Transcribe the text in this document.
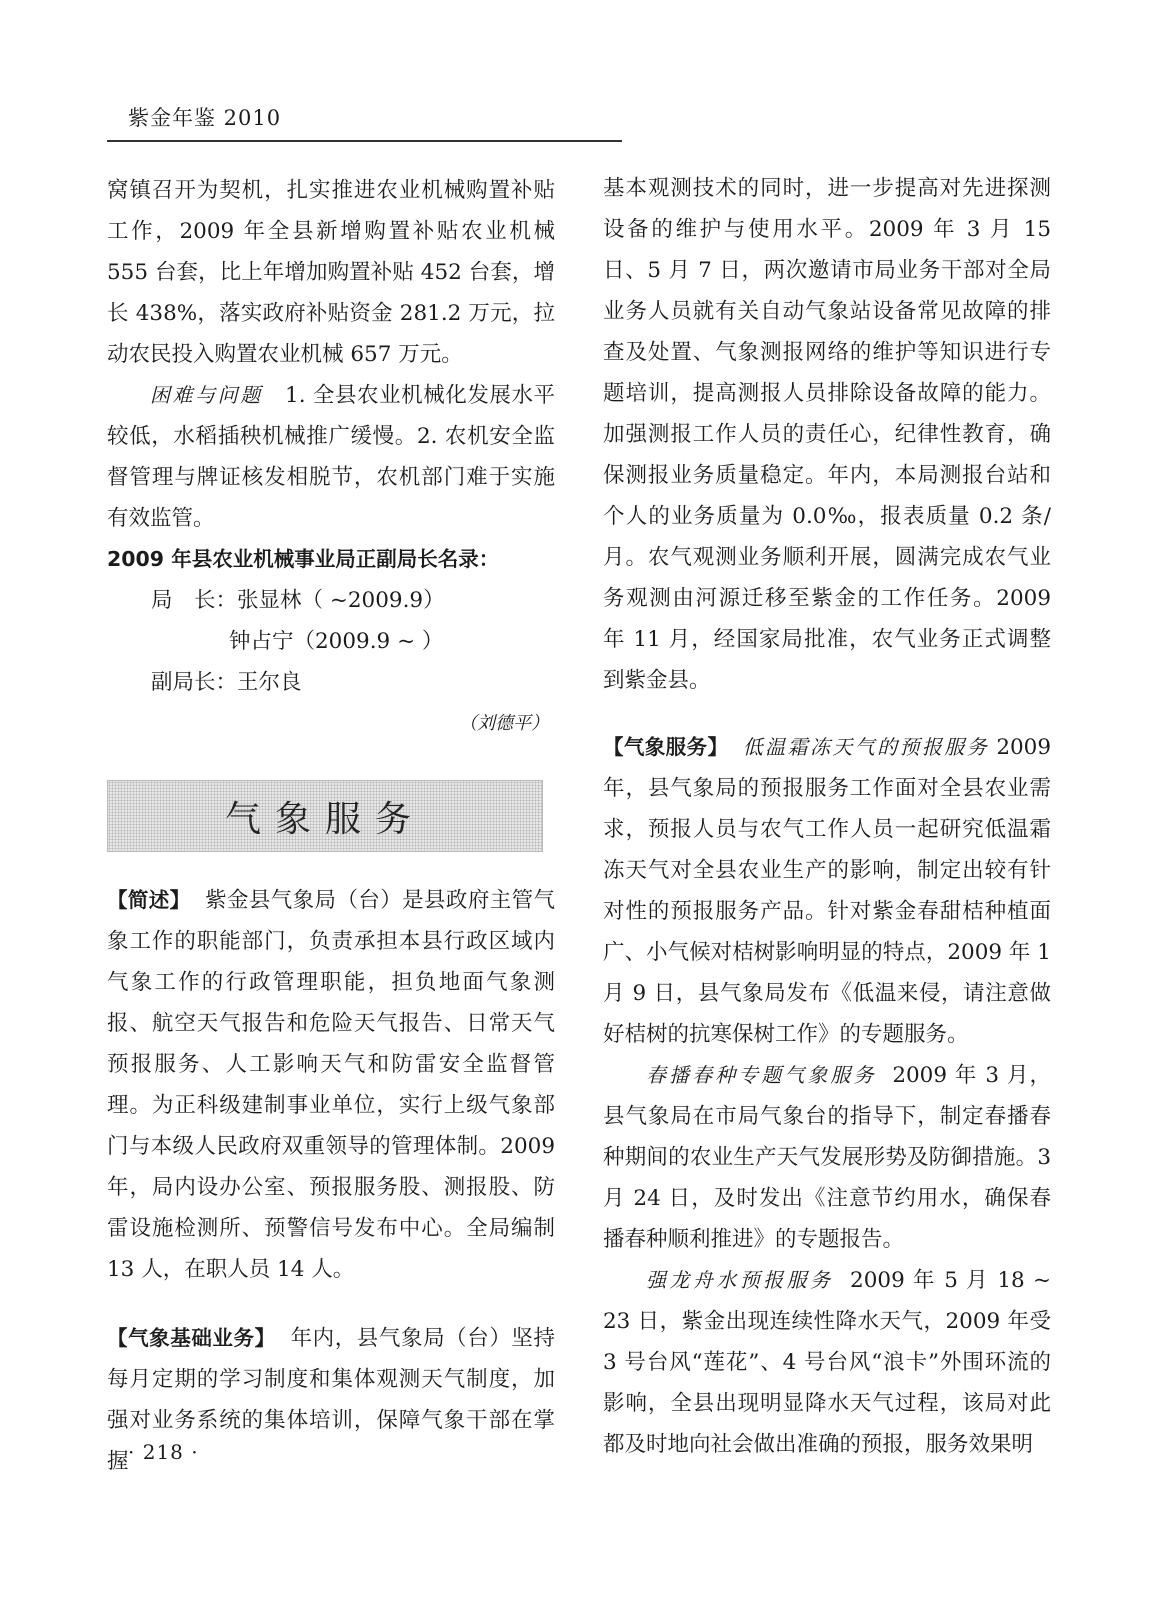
紫金年鉴 2010

窝镇召开为契机，扎实推进农业机械购置补贴工作，2009 年全县新增购置补贴农业机械 555 台套，比上年增加购置补贴 452 台套，增长 438%，落实政府补贴资金 281.2 万元，拉动农民投入购置农业机械 657 万元。

困难与问题 1. 全县农业机械化发展水平较低，水稻插秧机械推广缓慢。2. 农机安全监督管理与牌证核发相脱节，农机部门难于实施有效监管。

2009 年县农业机械事业局正副局长名录：

局　长：张显林（ ~2009.9）
钟占宁（2009.9 ~ ）
副局长：王尔良

（刘德平）

气象服务

【简述】 紫金县气象局（台）是县政府主管气象工作的职能部门，负责承担本县行政区域内气象工作的行政管理职能，担负地面气象测报、航空天气报告和危险天气报告、日常天气预报服务、人工影响天气和防雷安全监督管理。为正科级建制事业单位，实行上级气象部门与本级人民政府双重领导的管理体制。2009 年，局内设办公室、预报服务股、测报股、防雷设施检测所、预警信号发布中心。全局编制 13 人，在职人员 14 人。

【气象基础业务】 年内，县气象局（台）坚持每月定期的学习制度和集体观测天气制度，加强对业务系统的集体培训，保障气象干部在掌握 · 218 ·

基本观测技术的同时，进一步提高对先进探测设备的维护与使用水平。2009 年 3 月 15 日、5 月 7 日，两次邀请市局业务干部对全局业务人员就有关自动气象站设备常见故障的排查及处置、气象测报网络的维护等知识进行专题培训，提高测报人员排除设备故障的能力。加强测报工作人员的责任心，纪律性教育，确保测报业务质量稳定。年内，本局测报台站和个人的业务质量为 0.0‰，报表质量 0.2 条/月。农气观测业务顺利开展，圆满完成农气业务观测由河源迁移至紫金的工作任务。2009 年 11 月，经国家局批准，农气业务正式调整到紫金县。

【气象服务】 低温霜冻天气的预报服务 2009 年，县气象局的预报服务工作面对全县农业需求，预报人员与农气工作人员一起研究低温霜冻天气对全县农业生产的影响，制定出较有针对性的预报服务产品。针对紫金春甜桔种植面广、小气候对桔树影响明显的特点，2009 年 1 月 9 日，县气象局发布《低温来侵，请注意做好桔树的抗寒保树工作》的专题服务。

春播春种专题气象服务 2009 年 3 月，县气象局在市局气象台的指导下，制定春播春种期间的农业生产天气发展形势及防御措施。3 月 24 日，及时发出《注意节约用水，确保春播春种顺利推进》的专题报告。

强龙舟水预报服务 2009 年 5 月 18 ~ 23 日，紫金出现连续性降水天气，2009 年受 3 号台风“莲花”、4 号台风“浪卡”外围环流的影响，全县出现明显降水天气过程，该局对此都及时地向社会做出准确的预报，服务效果明
